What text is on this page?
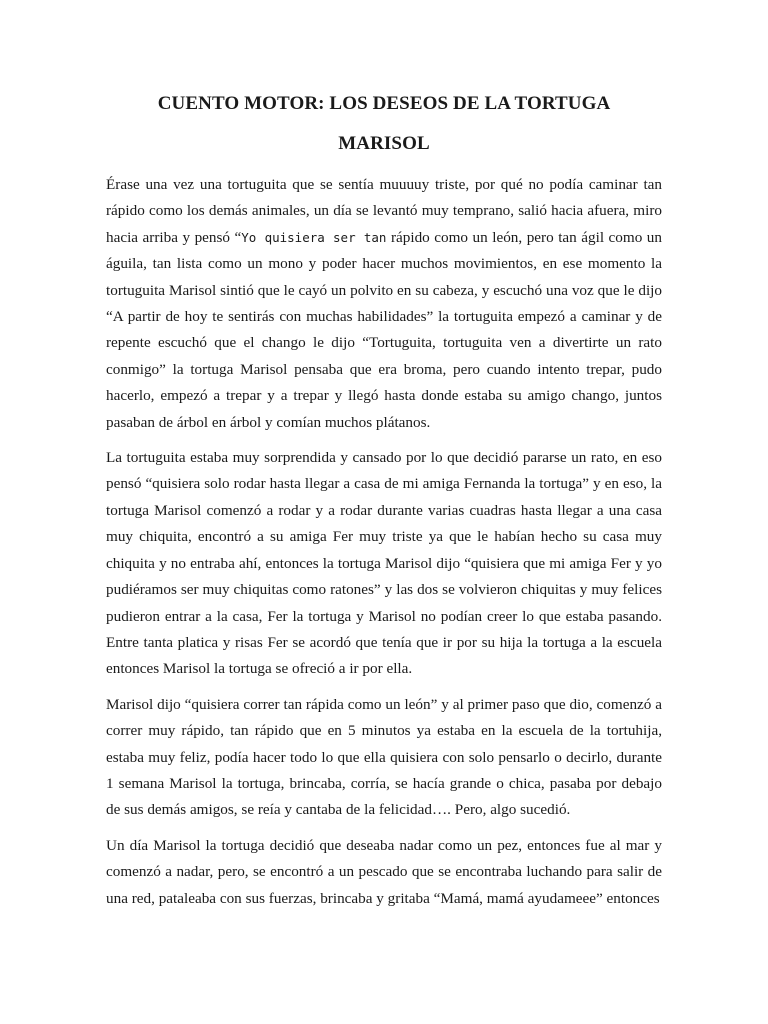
CUENTO MOTOR: LOS DESEOS DE LA TORTUGA
MARISOL

Érase una vez una tortuguita que se sentía muuuuy triste, por qué no podía caminar tan rápido como los demás animales, un día se levantó muy temprano, salió hacia afuera, miro hacia arriba y pensó “Yo quisiera ser tan rápido como un león, pero tan ágil como un águila, tan lista como un mono y poder hacer muchos movimientos, en ese momento la tortuguita Marisol sintió que le cayó un polvito en su cabeza, y escuchó una voz que le dijo “A partir de hoy te sentirás con muchas habilidades” la tortuguita empezó a caminar y de repente escuchó que el chango le dijo “Tortuguita, tortuguita ven a divertirte un rato conmigo” la tortuga Marisol pensaba que era broma, pero cuando intento trepar, pudo hacerlo, empezó a trepar y a trepar y llegó hasta donde estaba su amigo chango, juntos pasaban de árbol en árbol y comían muchos plátanos.

La tortuguita estaba muy sorprendida y cansado por lo que decidió pararse un rato, en eso pensó “quisiera solo rodar hasta llegar a casa de mi amiga Fernanda la tortuga” y en eso, la tortuga Marisol comenzó a rodar y a rodar durante varias cuadras hasta llegar a una casa muy chiquita, encontró a su amiga Fer muy triste ya que le habían hecho su casa muy chiquita y no entraba ahí, entonces la tortuga Marisol dijo “quisiera que mi amiga Fer y yo pudiéramos ser muy chiquitas como ratones” y las dos se volvieron chiquitas y muy felices pudieron entrar a la casa, Fer la tortuga y Marisol no podían creer lo que estaba pasando. Entre tanta platica y risas Fer se acordó que tenía que ir por su hija la tortuga a la escuela entonces Marisol la tortuga se ofreció a ir por ella.

Marisol dijo “quisiera correr tan rápida como un león” y al primer paso que dio, comenzó a correr muy rápido, tan rápido que en 5 minutos ya estaba en la escuela de la tortuhija, estaba muy feliz, podía hacer todo lo que ella quisiera con solo pensarlo o decirlo, durante 1 semana Marisol la tortuga, brincaba, corría, se hacía grande o chica, pasaba por debajo de sus demás amigos, se reía y cantaba de la felicidad…. Pero, algo sucedió.

Un día Marisol la tortuga decidió que deseaba nadar como un pez, entonces fue al mar y comenzó a nadar, pero, se encontró a un pescado que se encontraba luchando para salir de una red, pataleaba con sus fuerzas, brincaba y gritaba “Mamá, mamá ayudameee” entonces
